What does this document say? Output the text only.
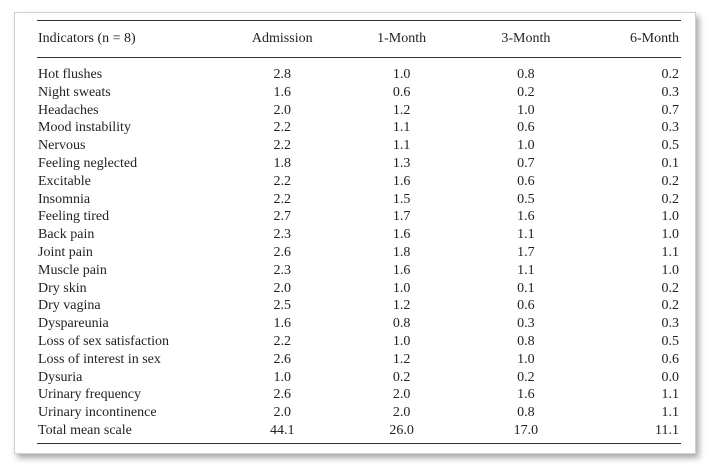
Indicators (n = 8)	Admission	1-Month	3-Month	6-Month

Hot flushes	2.8	1.0	0.8	0.2
Night sweats	1.6	0.6	0.2	0.3
Headaches	2.0	1.2	1.0	0.7
Mood instability	2.2	1.1	0.6	0.3
Nervous	2.2	1.1	1.0	0.5
Feeling neglected	1.8	1.3	0.7	0.1
Excitable	2.2	1.6	0.6	0.2
Insomnia	2.2	1.5	0.5	0.2
Feeling tired	2.7	1.7	1.6	1.0
Back pain	2.3	1.6	1.1	1.0
Joint pain	2.6	1.8	1.7	1.1
Muscle pain	2.3	1.6	1.1	1.0
Dry skin	2.0	1.0	0.1	0.2
Dry vagina	2.5	1.2	0.6	0.2
Dyspareunia	1.6	0.8	0.3	0.3
Loss of sex satisfaction	2.2	1.0	0.8	0.5
Loss of interest in sex	2.6	1.2	1.0	0.6
Dysuria	1.0	0.2	0.2	0.0
Urinary frequency	2.6	2.0	1.6	1.1
Urinary incontinence	2.0	2.0	0.8	1.1
Total mean scale	44.1	26.0	17.0	11.1
